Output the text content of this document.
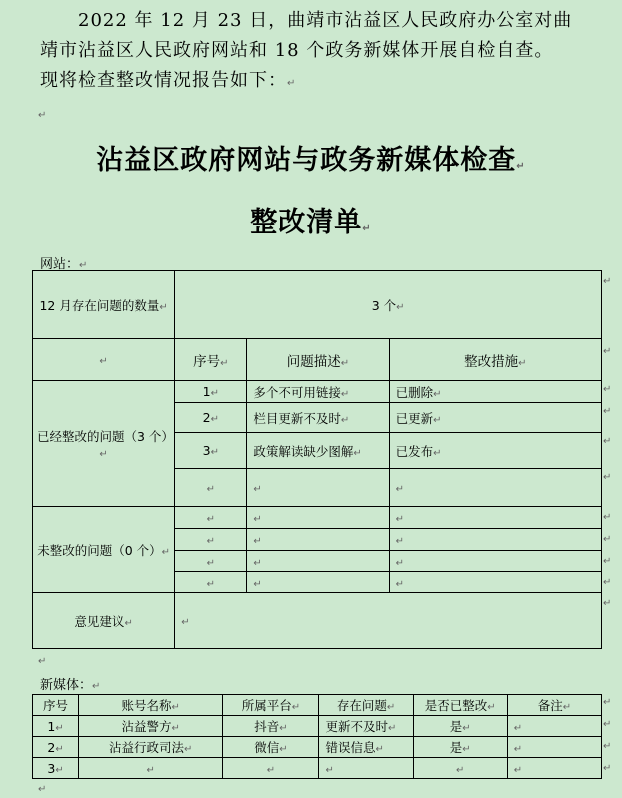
2022 年 12 月 23 日，曲靖市沾益区人民政府办公室对曲

靖市沾益区人民政府网站和 18 个政务新媒体开展自检自查。
现将检查整改情况报告如下：↵
↵
沾益区政府网站与政务新媒体检查↵
整改清单↵
网站：↵
12 月存在问题的数量↵	3 个↵		
↵	序号↵	问题描述↵	整改措施↵
已经整改的问题（3 个）↵	1↵	多个不可用链接↵	已删除↵
	2↵	栏目更新不及时↵	已更新↵
	3↵	政策解读缺少图解↵	已发布↵
	↵	↵	↵
未整改的问题（0 个）↵	↵	↵	↵
	↵	↵	↵
	↵	↵	↵
	↵	↵	↵
意见建议↵	↵		
↵
↵
↵
↵
↵
↵
↵
↵
↵
↵
↵
↵
新媒体：↵
序号	账号名称↵	所属平台↵	存在问题↵	是否已整改↵	备注↵
1↵	沾益警方↵	抖音↵	更新不及时↵	是↵	↵
2↵	沾益行政司法↵	微信↵	错误信息↵	是↵	↵
3↵	↵	↵	↵	↵	↵
↵
↵
↵
↵
↵
